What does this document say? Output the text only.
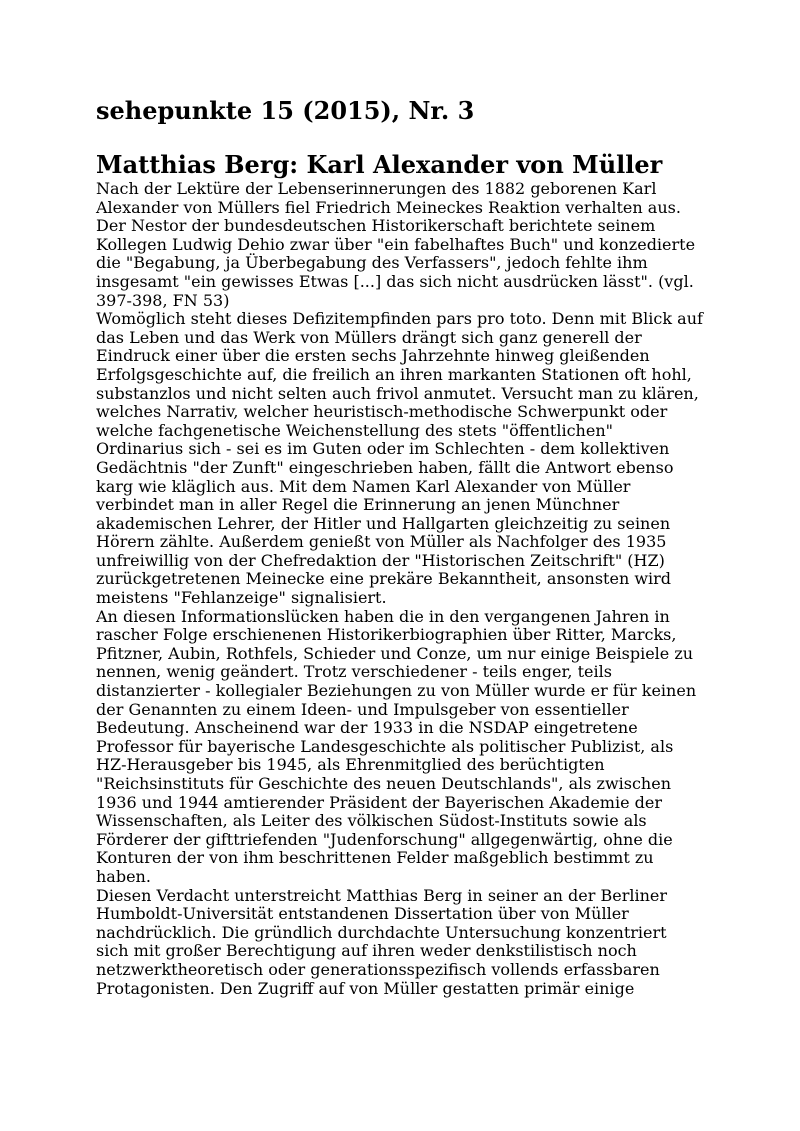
sehepunkte 15 (2015), Nr. 3
Matthias Berg: Karl Alexander von Müller
Nach der Lektüre der Lebenserinnerungen des 1882 geborenen Karl Alexander von Müllers fiel Friedrich Meineckes Reaktion verhalten aus. Der Nestor der bundesdeutschen Historikerschaft berichtete seinem Kollegen Ludwig Dehio zwar über "ein fabelhaftes Buch" und konzedierte die "Begabung, ja Überbegabung des Verfassers", jedoch fehlte ihm insgesamt "ein gewisses Etwas [...] das sich nicht ausdrücken lässt". (vgl. 397-398, FN 53)
Womöglich steht dieses Defizitempfinden pars pro toto. Denn mit Blick auf das Leben und das Werk von Müllers drängt sich ganz generell der Eindruck einer über die ersten sechs Jahrzehnte hinweg gleißenden Erfolgsgeschichte auf, die freilich an ihren markanten Stationen oft hohl, substanzlos und nicht selten auch frivol anmutet. Versucht man zu klären, welches Narrativ, welcher heuristisch-methodische Schwerpunkt oder welche fachgenetische Weichenstellung des stets "öffentlichen" Ordinarius sich - sei es im Guten oder im Schlechten - dem kollektiven Gedächtnis "der Zunft" eingeschrieben haben, fällt die Antwort ebenso karg wie kläglich aus. Mit dem Namen Karl Alexander von Müller verbindet man in aller Regel die Erinnerung an jenen Münchner akademischen Lehrer, der Hitler und Hallgarten gleichzeitig zu seinen Hörern zählte. Außerdem genießt von Müller als Nachfolger des 1935 unfreiwillig von der Chefredaktion der "Historischen Zeitschrift" (HZ) zurückgetretenen Meinecke eine prekäre Bekanntheit, ansonsten wird meistens "Fehlanzeige" signalisiert.
An diesen Informationslücken haben die in den vergangenen Jahren in rascher Folge erschienenen Historikerbiographien über Ritter, Marcks, Pfitzner, Aubin, Rothfels, Schieder und Conze, um nur einige Beispiele zu nennen, wenig geändert. Trotz verschiedener - teils enger, teils distanzierter - kollegialer Beziehungen zu von Müller wurde er für keinen der Genannten zu einem Ideen- und Impulsgeber von essentieller Bedeutung. Anscheinend war der 1933 in die NSDAP eingetretene Professor für bayerische Landesgeschichte als politischer Publizist, als HZ-Herausgeber bis 1945, als Ehrenmitglied des berüchtigten "Reichsinstituts für Geschichte des neuen Deutschlands", als zwischen 1936 und 1944 amtierender Präsident der Bayerischen Akademie der Wissenschaften, als Leiter des völkischen Südost-Instituts sowie als Förderer der gifttriefenden "Judenforschung" allgegenwärtig, ohne die Konturen der von ihm beschrittenen Felder maßgeblich bestimmt zu haben.
Diesen Verdacht unterstreicht Matthias Berg in seiner an der Berliner Humboldt-Universität entstandenen Dissertation über von Müller nachdrücklich. Die gründlich durchdachte Untersuchung konzentriert sich mit großer Berechtigung auf ihren weder denkstilistisch noch netzwerktheoretisch oder generationsspezifisch vollends erfassbaren Protagonisten. Den Zugriff auf von Müller gestatten primär einige
